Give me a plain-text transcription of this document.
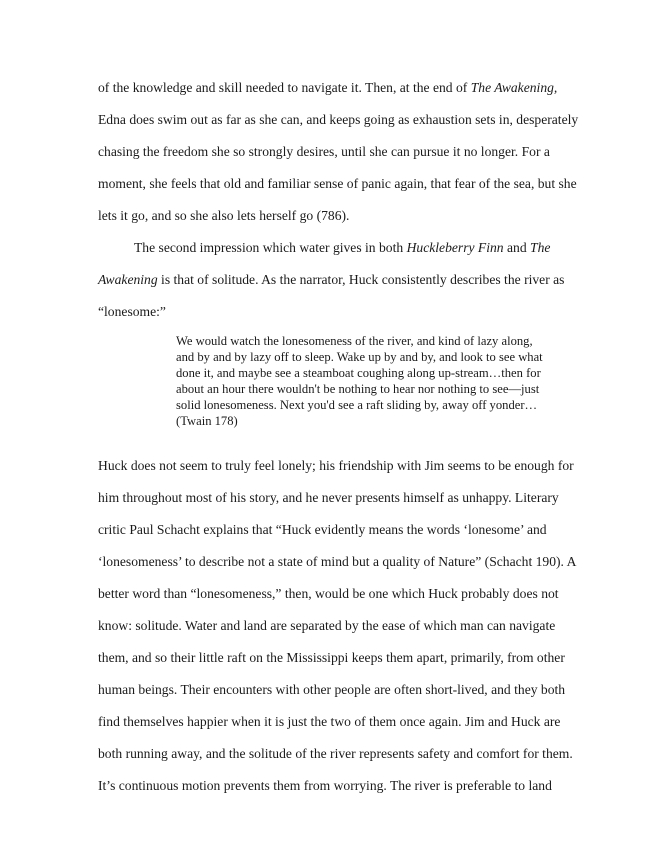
of the knowledge and skill needed to navigate it. Then, at the end of The Awakening,

Edna does swim out as far as she can, and keeps going as exhaustion sets in, desperately

chasing the freedom she so strongly desires, until she can pursue it no longer. For a

moment, she feels that old and familiar sense of panic again, that fear of the sea, but she

lets it go, and so she also lets herself go (786).

The second impression which water gives in both Huckleberry Finn and The

Awakening is that of solitude. As the narrator, Huck consistently describes the river as

“lonesome:”

We would watch the lonesomeness of the river, and kind of lazy along,

and by and by lazy off to sleep. Wake up by and by, and look to see what

done it, and maybe see a steamboat coughing along up-stream…then for

about an hour there wouldn't be nothing to hear nor nothing to see—just

solid lonesomeness. Next you'd see a raft sliding by, away off yonder…

(Twain 178)

Huck does not seem to truly feel lonely; his friendship with Jim seems to be enough for

him throughout most of his story, and he never presents himself as unhappy. Literary

critic Paul Schacht explains that “Huck evidently means the words ‘lonesome’ and

‘lonesomeness’ to describe not a state of mind but a quality of Nature” (Schacht 190). A

better word than “lonesomeness,” then, would be one which Huck probably does not

know: solitude. Water and land are separated by the ease of which man can navigate

them, and so their little raft on the Mississippi keeps them apart, primarily, from other

human beings. Their encounters with other people are often short-lived, and they both

find themselves happier when it is just the two of them once again. Jim and Huck are

both running away, and the solitude of the river represents safety and comfort for them.

It’s continuous motion prevents them from worrying. The river is preferable to land
